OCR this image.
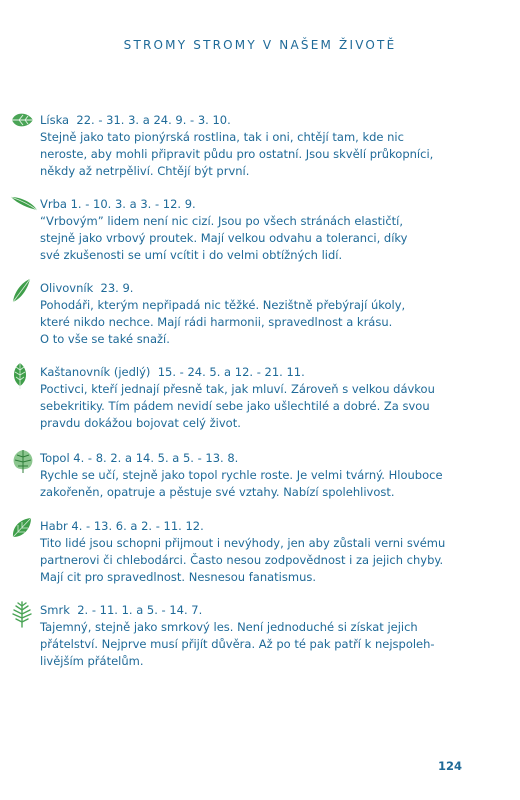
STROMY STROMY V NAŠEM ŽIVOTĚ
Líska 22. - 31. 3. a 24. 9. - 3. 10.
Stejně jako tato pionýrská rostlina, tak i oni, chtějí tam, kde nic
neroste, aby mohli připravit půdu pro ostatní. Jsou skvělí průkopníci,
někdy až netrpěliví. Chtějí být první.
Vrba 1. - 10. 3. a 3. - 12. 9.
“Vrbovým” lidem není nic cizí. Jsou po všech stránách elastičtí,
stejně jako vrbový proutek. Mají velkou odvahu a toleranci, díky
své zkušenosti se umí vcítit i do velmi obtížných lidí.
Olivovník 23. 9.
Pohodáři, kterým nepřipadá nic těžké. Nezištně přebýrají úkoly,
které nikdo nechce. Mají rádi harmonii, spravedlnost a krásu.
O to vše se také snaží.
Kaštanovník (jedlý) 15. - 24. 5. a 12. - 21. 11.
Poctivci, kteří jednají přesně tak, jak mluví. Zároveň s velkou dávkou
sebekritiky. Tím pádem nevidí sebe jako ušlechtilé a dobré. Za svou
pravdu dokážou bojovat celý život.
Topol 4. - 8. 2. a 14. 5. a 5. - 13. 8.
Rychle se učí, stejně jako topol rychle roste. Je velmi tvárný. Hlouboce
zakořeněn, opatruje a pěstuje své vztahy. Nabízí spolehlivost.
Habr 4. - 13. 6. a 2. - 11. 12.
Tito lidé jsou schopni přijmout i nevýhody, jen aby zůstali verni svému
partnerovi či chlebodárci. Často nesou zodpovědnost i za jejich chyby.
Mají cit pro spravedlnost. Nesnesou fanatismus.
Smrk 2. - 11. 1. a 5. - 14. 7.
Tajemný, stejně jako smrkový les. Není jednoduché si získat jejich
přátelství. Nejprve musí přijít důvěra. Až po té pak patří k nejspoleh-
livějším přátelům.
124
